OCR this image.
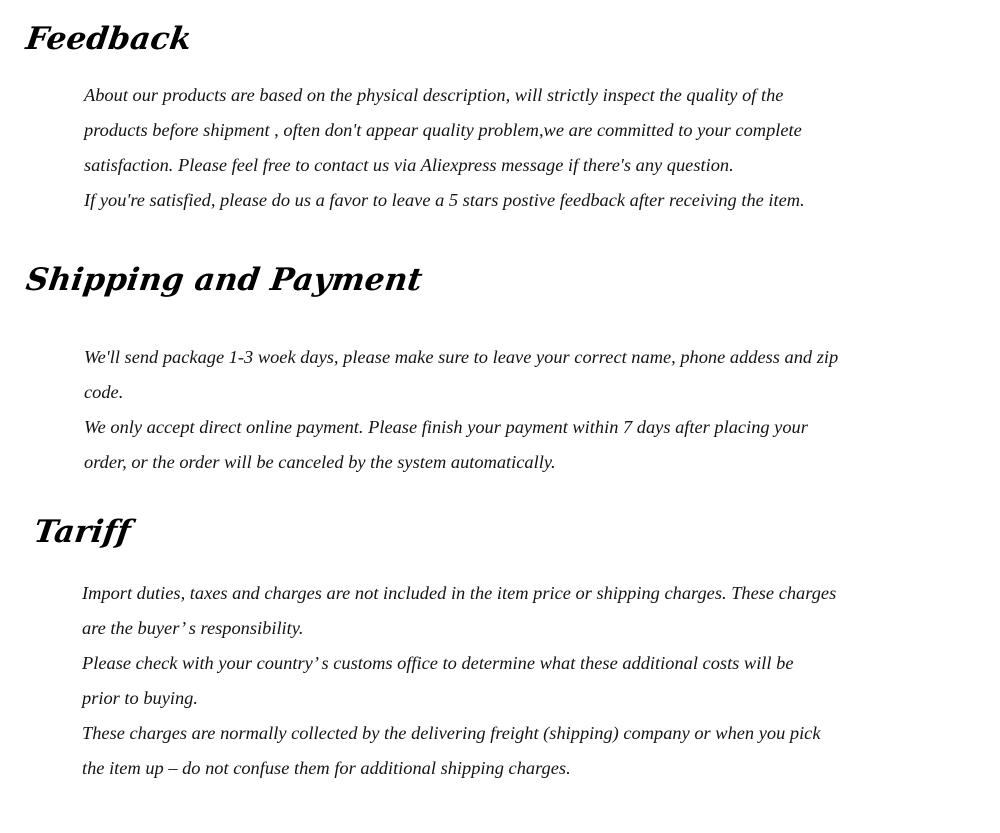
Feedback

About our products are based on the physical description, will strictly inspect the quality of the

products before shipment , often don't appear quality problem,we are committed to your complete

satisfaction. Please feel free to contact us via Aliexpress message if there's any question.

If you're satisfied, please do us a favor to leave a 5 stars postive feedback after receiving the item.

Shipping and Payment

We'll send package 1-3 woek days, please make sure to leave your correct name, phone addess and zip

code.

We only accept direct online payment. Please finish your payment within 7 days after placing your

order, or the order will be canceled by the system automatically.

Tariff

Import duties, taxes and charges are not included in the item price or shipping charges. These charges

are the buyer’ s responsibility.

Please check with your country’ s customs office to determine what these additional costs will be

prior to buying.

These charges are normally collected by the delivering freight (shipping) company or when you pick

the item up – do not confuse them for additional shipping charges.
